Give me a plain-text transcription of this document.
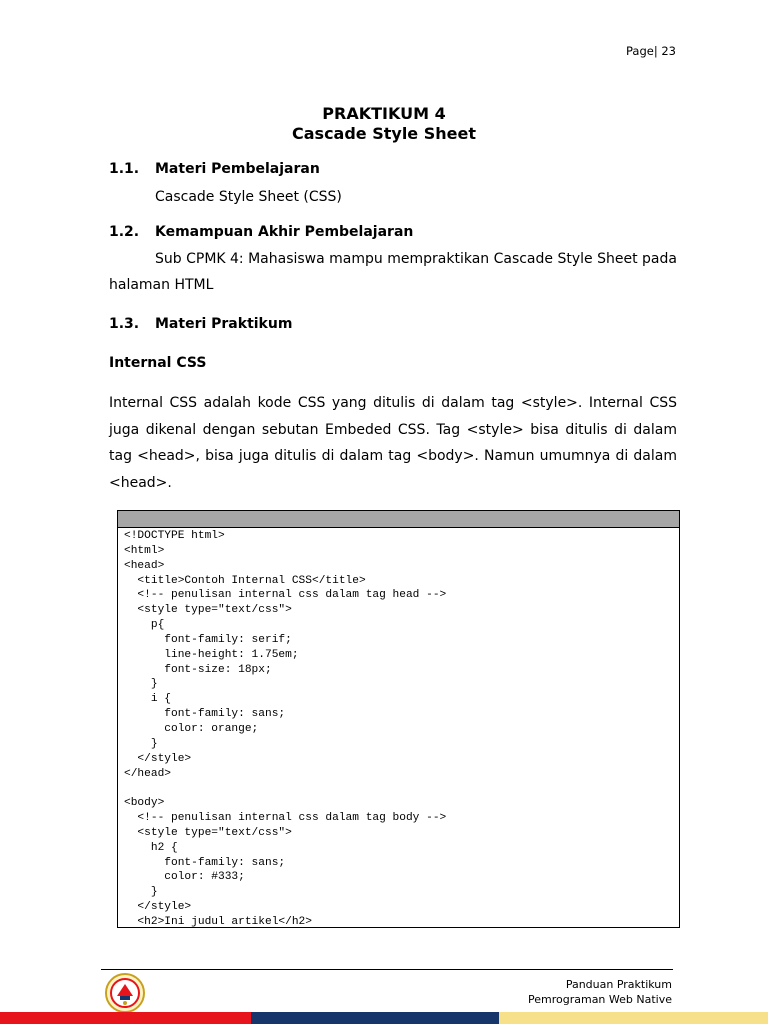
Page| 23
PRAKTIKUM 4
Cascade Style Sheet
1.1. Materi Pembelajaran
Cascade Style Sheet (CSS)
1.2. Kemampuan Akhir Pembelajaran
Sub CPMK 4: Mahasiswa mampu mempraktikan Cascade Style Sheet pada
halaman HTML
1.3. Materi Praktikum
Internal CSS
Internal CSS adalah kode CSS yang ditulis di dalam tag <style>. Internal CSS juga dikenal dengan sebutan Embeded CSS. Tag <style> bisa ditulis di dalam tag <head>, bisa juga ditulis di dalam tag <body>. Namun umumnya di dalam <head>.
<!DOCTYPE html>
<html>
<head>
<title>Contoh Internal CSS</title>
<!-- penulisan internal css dalam tag head -->
<style type="text/css">
p{
font-family: serif;
line-height: 1.75em;
font-size: 18px;
}
i {
font-family: sans;
color: orange;
}
</style>
</head>

<body>
<!-- penulisan internal css dalam tag body -->
<style type="text/css">
h2 {
font-family: sans;
color: #333;
}
</style>
<h2>Ini judul artikel</h2>
Panduan Praktikum
Pemrograman Web Native
